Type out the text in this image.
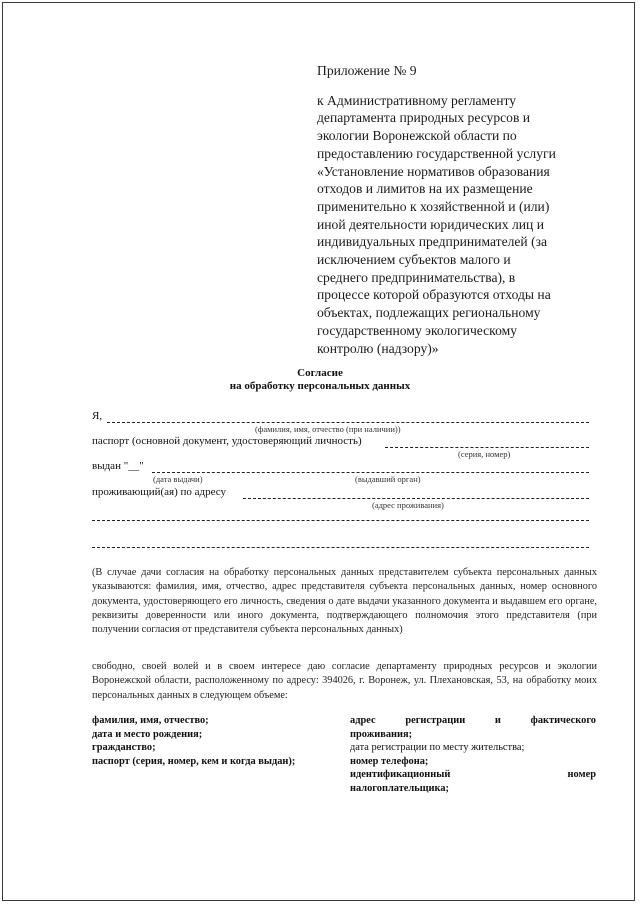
Приложение № 9
к Административному регламенту
департамента природных ресурсов и
экологии Воронежской области по
предоставлению государственной услуги
«Установление нормативов образования
отходов и лимитов на их размещение
применительно к хозяйственной и (или)
иной деятельности юридических лиц и
индивидуальных предпринимателей (за
исключением субъектов малого и
среднего предпринимательства), в
процессе которой образуются отходы на
объектах, подлежащих региональному
государственному экологическому
контролю (надзору)»
Согласие
на обработку персональных данных
Я,
(фамилия, имя, отчество (при наличии))
паспорт (основной документ, удостоверяющий личность)
(серия, номер)
выдан "__"
(дата выдачи)	(выдавший орган)
проживающий(ая) по адресу
(адрес проживания)
(В случае дачи согласия на обработку персональных данных представителем субъекта персональных данных указываются: фамилия, имя, отчество, адрес представителя субъекта персональных данных, номер основного документа, удостоверяющего его личность, сведения о дате выдачи указанного документа и выдавшем его органе, реквизиты доверенности или иного документа, подтверждающего полномочия этого представителя (при получении согласия от представителя субъекта персональных данных)
свободно, своей волей и в своем интересе даю согласие департаменту природных ресурсов и экологии Воронежской области, расположенному по адресу: 394026, г. Воронеж, ул. Плехановская, 53, на обработку моих персональных данных в следующем объеме:
фамилия, имя, отчество;
дата и место рождения;
гражданство;
паспорт (серия, номер, кем и когда выдан);
адрес	регистрации	и	фактического
проживания;
дата регистрации по месту жительства;
номер телефона;
идентификационный	номер
налогоплательщика;
